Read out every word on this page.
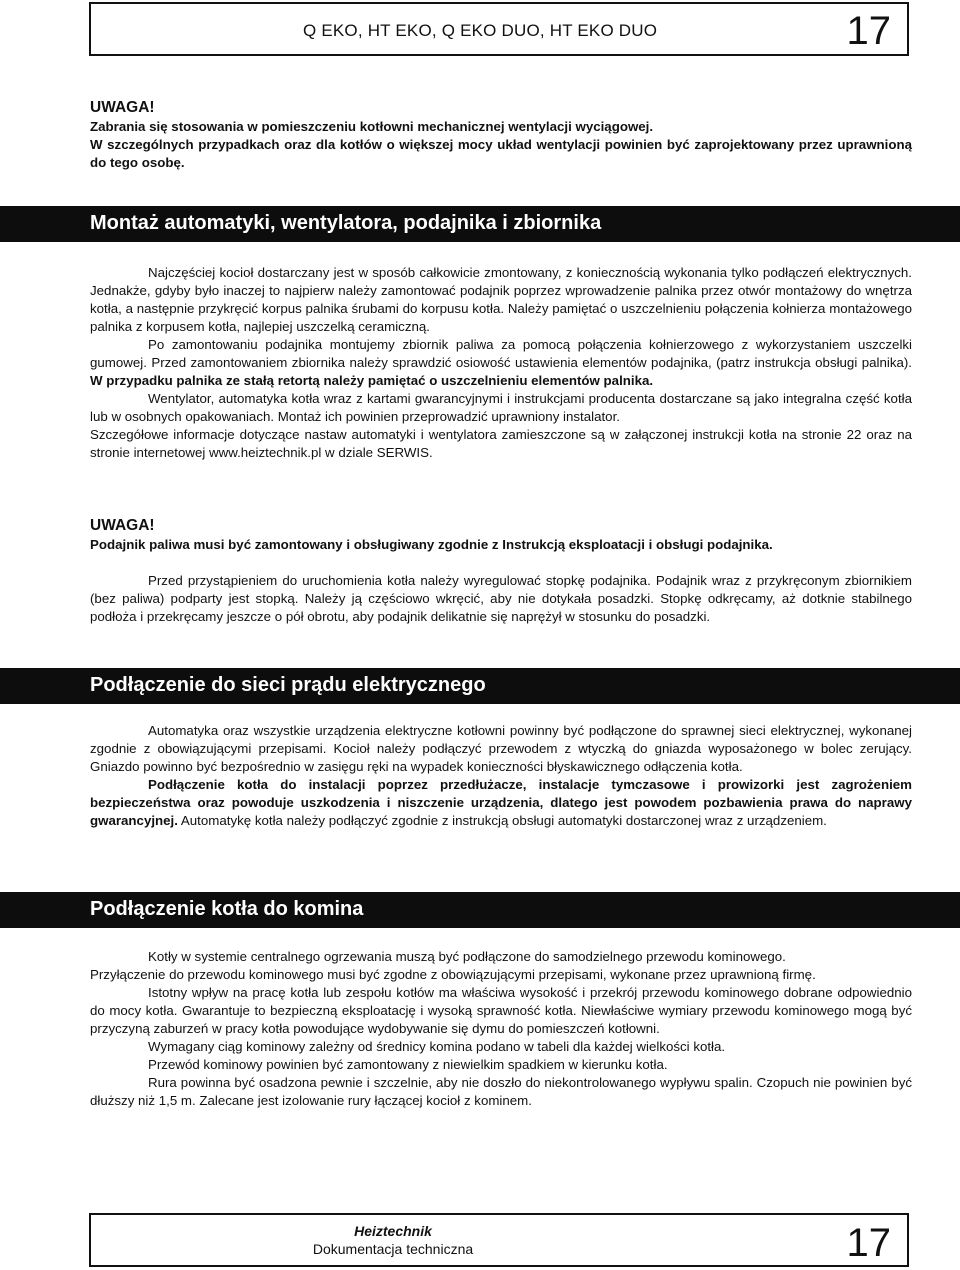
Q EKO, HT EKO, Q EKO DUO, HT EKO DUO	17
UWAGA!

Zabrania się stosowania w pomieszczeniu kotłowni mechanicznej wentylacji wyciągowej.

W szczególnych przypadkach oraz dla kotłów o większej mocy układ wentylacji powinien być zaprojektowany przez uprawnioną do tego osobę.

Montaż automatyki, wentylatora, podajnika i zbiornika

Najczęściej kocioł dostarczany jest w sposób całkowicie zmontowany, z koniecznością wykonania tylko podłączeń elektrycznych. Jednakże, gdyby było inaczej to najpierw należy zamontować podajnik poprzez wprowadzenie palnika przez otwór montażowy do wnętrza kotła, a następnie przykręcić korpus palnika śrubami do korpusu kotła. Należy pamiętać o uszczelnieniu połączenia kołnierza montażowego palnika z korpusem kotła, najlepiej uszczelką ceramiczną.

Po zamontowaniu podajnika montujemy zbiornik paliwa za pomocą połączenia kołnierzowego z wykorzystaniem uszczelki gumowej. Przed zamontowaniem zbiornika należy sprawdzić osiowość ustawienia elementów podajnika, (patrz instrukcja obsługi palnika). W przypadku palnika ze stałą retortą należy pamiętać o uszczelnieniu elementów palnika.

Wentylator, automatyka kotła wraz z kartami gwarancyjnymi i instrukcjami producenta dostarczane są jako integralna część kotła lub w osobnych opakowaniach. Montaż ich powinien przeprowadzić uprawniony instalator.

Szczegółowe informacje dotyczące nastaw automatyki i wentylatora zamieszczone są w załączonej instrukcji kotła na stronie 22 oraz na stronie internetowej www.heiztechnik.pl w dziale SERWIS.

UWAGA!

Podajnik paliwa musi być zamontowany i obsługiwany zgodnie z Instrukcją eksploatacji i obsługi podajnika.

Przed przystąpieniem do uruchomienia kotła należy wyregulować stopkę podajnika. Podajnik wraz z przykręconym zbiornikiem (bez paliwa) podparty jest stopką. Należy ją częściowo wkręcić, aby nie dotykała posadzki. Stopkę odkręcamy, aż dotknie stabilnego podłoża i przekręcamy jeszcze o pół obrotu, aby podajnik delikatnie się naprężył w stosunku do posadzki.

Podłączenie do sieci prądu elektrycznego

Automatyka oraz wszystkie urządzenia elektryczne kotłowni powinny być podłączone do sprawnej sieci elektrycznej, wykonanej zgodnie z obowiązującymi przepisami. Kocioł należy podłączyć przewodem z wtyczką do gniazda wyposażonego w bolec zerujący. Gniazdo powinno być bezpośrednio w zasięgu ręki na wypadek konieczności błyskawicznego odłączenia kotła.

Podłączenie kotła do instalacji poprzez przedłużacze, instalacje tymczasowe i prowizorki jest zagrożeniem bezpieczeństwa oraz powoduje uszkodzenia i niszczenie urządzenia, dlatego jest powodem pozbawienia prawa do naprawy gwarancyjnej. Automatykę kotła należy podłączyć zgodnie z instrukcją obsługi automatyki dostarczonej wraz z urządzeniem.

Podłączenie kotła do komina

Kotły w systemie centralnego ogrzewania muszą być podłączone do samodzielnego przewodu kominowego.

Przyłączenie do przewodu kominowego musi być zgodne z obowiązującymi przepisami, wykonane przez uprawnioną firmę.

Istotny wpływ na pracę kotła lub zespołu kotłów ma właściwa wysokość i przekrój przewodu kominowego dobrane odpowiednio do mocy kotła. Gwarantuje to bezpieczną eksploatację i wysoką sprawność kotła. Niewłaściwe wymiary przewodu kominowego mogą być przyczyną zaburzeń w pracy kotła powodujące wydobywanie się dymu do pomieszczeń kotłowni.

Wymagany ciąg kominowy zależny od średnicy komina podano w tabeli dla każdej wielkości kotła.

Przewód kominowy powinien być zamontowany z niewielkim spadkiem w kierunku kotła.

Rura powinna być osadzona pewnie i szczelnie, aby nie doszło do niekontrolowanego wypływu spalin. Czopuch nie powinien być dłuższy niż 1,5 m. Zalecane jest izolowanie rury łączącej kocioł z kominem.

Heiztechnik
Dokumentacja techniczna	17
